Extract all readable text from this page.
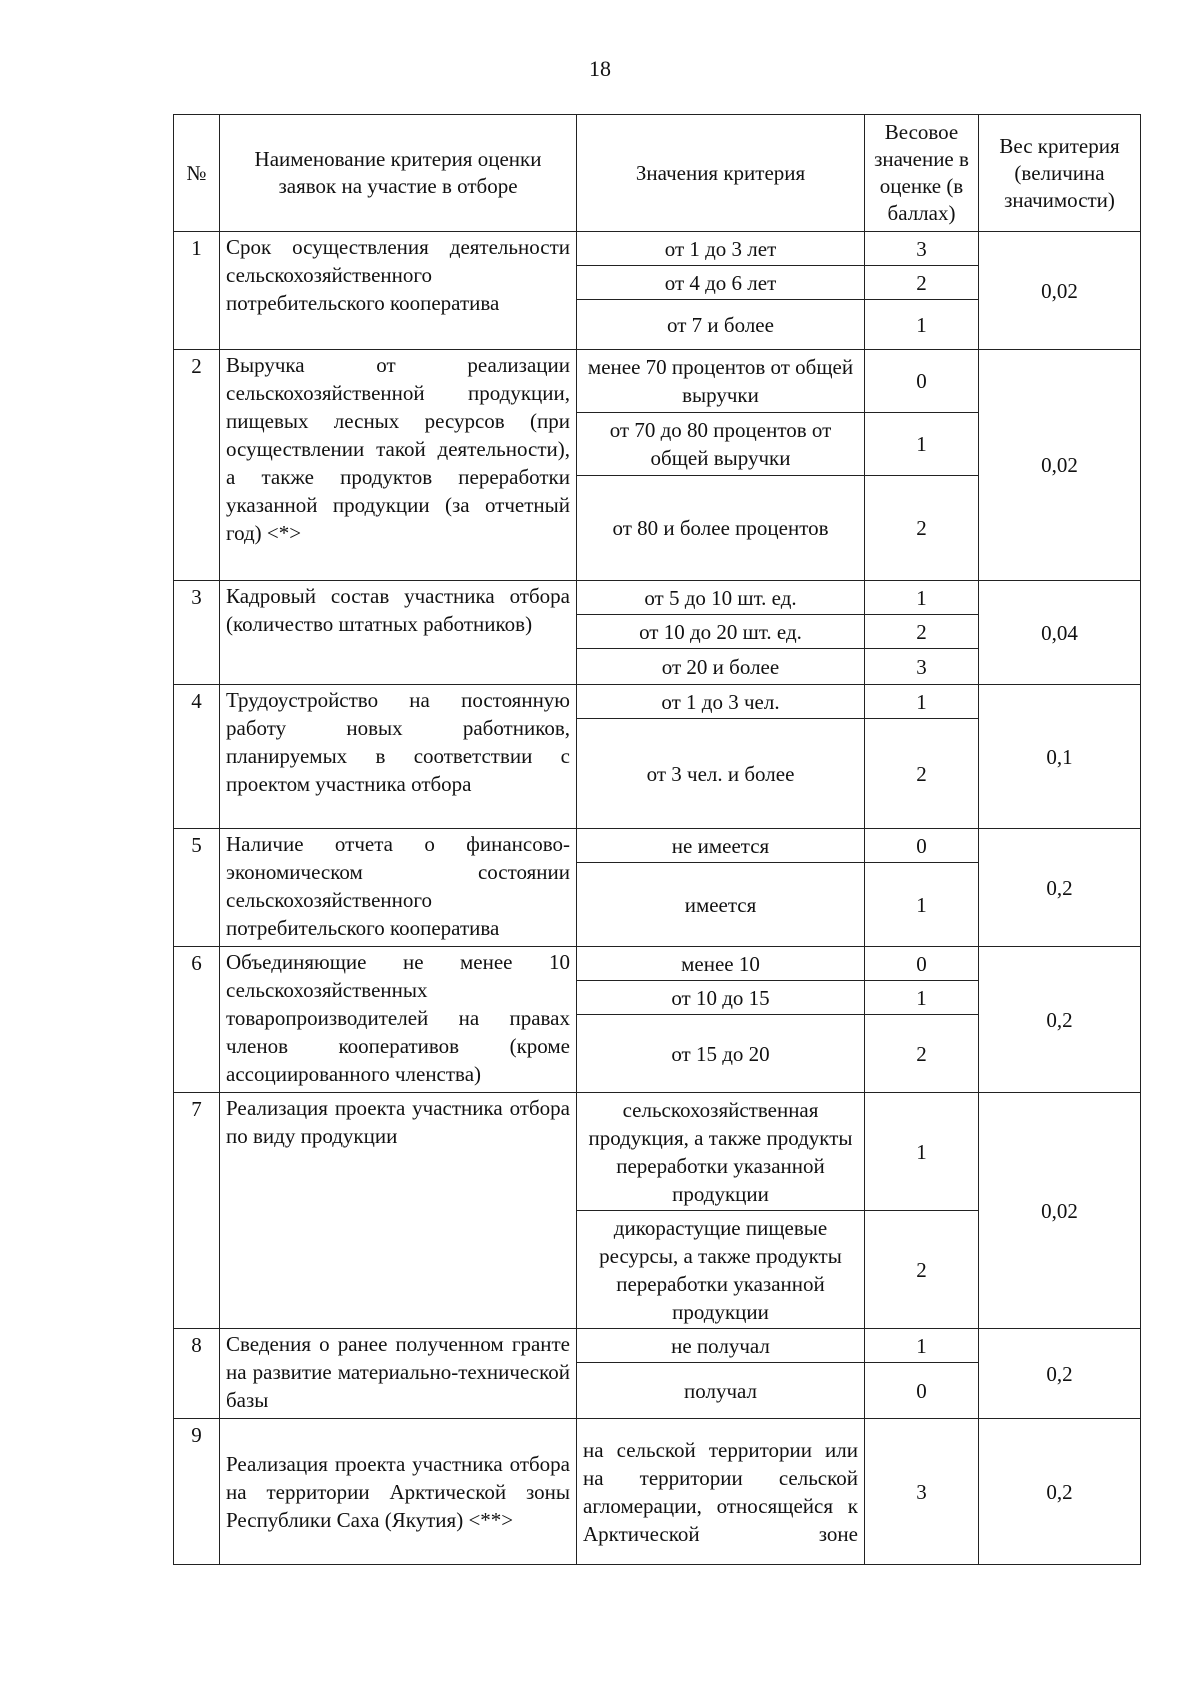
18
№	Наименование критерия оценки заявок на участие в отборе	Значения критерия	Весовое значение в оценке (в баллах)	Вес критерия (величина значимости)
1	Срок осуществления деятельности сельскохозяйственного потребительского кооператива	от 1 до 3 лет	3	0,02
		от 4 до 6 лет	2	
		от 7 и более	1	
2	Выручка от реализации сельскохозяйственной продукции, пищевых лесных ресурсов (при осуществлении такой деятельности), а также продуктов переработки указанной продукции (за отчетный год) <*>	менее 70 процентов от общей выручки	0	0,02
		от 70 до 80 процентов от общей выручки	1	
		от 80 и более процентов	2	
3	Кадровый состав участника отбора (количество штатных работников)	от 5 до 10 шт. ед.	1	0,04
		от 10 до 20 шт. ед.	2	
		от 20 и более	3	
4	Трудоустройство на постоянную работу новых работников, планируемых в соответствии с проектом участника отбора	от 1 до 3 чел.	1	0,1
		от 3 чел. и более	2	
5	Наличие отчета о финансово-экономическом состоянии сельскохозяйственного потребительского кооператива	не имеется	0	0,2
		имеется	1	
6	Объединяющие не менее 10 сельскохозяйственных товаропроизводителей на правах членов кооперативов (кроме ассоциированного членства)	менее 10	0	0,2
		от 10 до 15	1	
		от 15 до 20	2	
7	Реализация проекта участника отбора по виду продукции	сельскохозяйственная продукция, а также продукты переработки указанной продукции	1	0,02
		дикорастущие пищевые ресурсы, а также продукты переработки указанной продукции	2	
8	Сведения о ранее полученном гранте на развитие материально-технической базы	не получал	1	0,2
		получал	0	
9	Реализация проекта участника отбора на территории Арктической зоны Республики Саха (Якутия) <**>	на сельской территории или на территории сельской агломерации, относящейся к Арктической зоне	3	0,2
